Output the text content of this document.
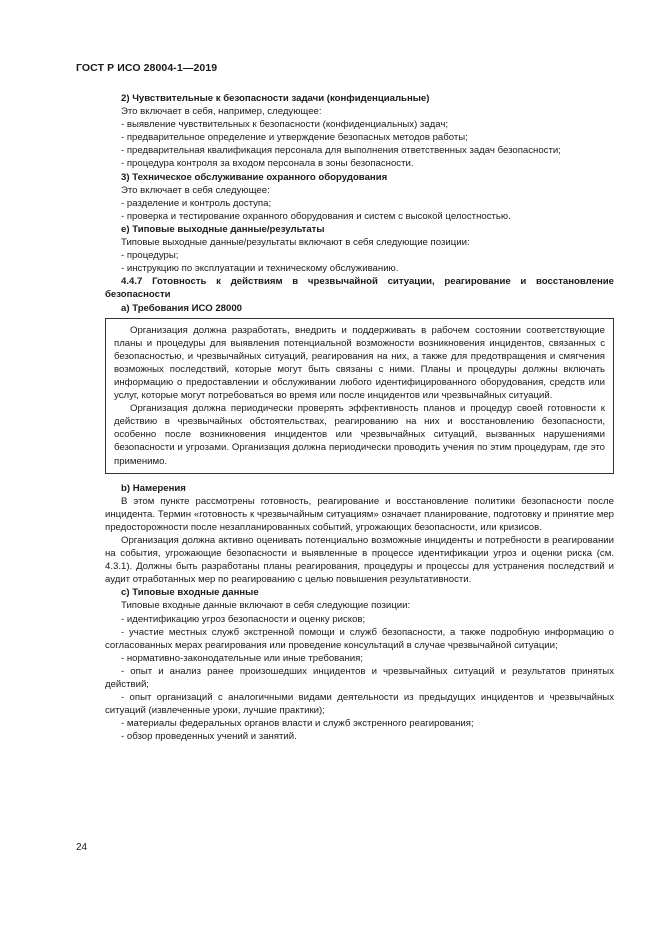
ГОСТ Р ИСО 28004-1—2019

2) Чувствительные к безопасности задачи (конфиденциальные)

Это включает в себя, например, следующее:

- выявление чувствительных к безопасности (конфиденциальных) задач;

- предварительное определение и утверждение безопасных методов работы;

- предварительная квалификация персонала для выполнения ответственных задач безопасности;

- процедура контроля за входом персонала в зоны безопасности.

3) Техническое обслуживание охранного оборудования

Это включает в себя следующее:

- разделение и контроль доступа;

- проверка и тестирование охранного оборудования и систем с высокой целостностью.

е) Типовые выходные данные/результаты

Типовые выходные данные/результаты включают в себя следующие позиции:

- процедуры;

- инструкцию по эксплуатации и техническому обслуживанию.

4.4.7 Готовность к действиям в чрезвычайной ситуации, реагирование и восстановление безопасности

а) Требования ИСО 28000

Организация должна разработать, внедрить и поддерживать в рабочем состоянии соответствующие планы и процедуры для выявления потенциальной возможности возникновения инцидентов, связанных с безопасностью, и чрезвычайных ситуаций, реагирования на них, а также для предотвращения и смягчения возможных последствий, которые могут быть связаны с ними. Планы и процедуры должны включать информацию о предоставлении и обслуживании любого идентифицированного оборудования, средств или услуг, которые могут потребоваться во время или после инцидентов или чрезвычайных ситуаций.

Организация должна периодически проверять эффективность планов и процедур своей готовности к действию в чрезвычайных обстоятельствах, реагированию на них и восстановлению безопасности, особенно после возникновения инцидентов или чрезвычайных ситуаций, вызванных нарушениями безопасности и угрозами. Организация должна периодически проводить учения по этим процедурам, где это применимо.

b) Намерения

В этом пункте рассмотрены готовность, реагирование и восстановление политики безопасности после инцидента. Термин «готовность к чрезвычайным ситуациям» означает планирование, подготовку и принятие мер предосторожности после незапланированных событий, угрожающих безопасности, или кризисов.

Организация должна активно оценивать потенциально возможные инциденты и потребности в реагировании на события, угрожающие безопасности и выявленные в процессе идентификации угроз и оценки риска (см. 4.3.1). Должны быть разработаны планы реагирования, процедуры и процессы для устранения последствий и аудит отработанных мер по реагированию с целью повышения результативности.

с) Типовые входные данные

Типовые входные данные включают в себя следующие позиции:

- идентификацию угроз безопасности и оценку рисков;

- участие местных служб экстренной помощи и служб безопасности, а также подробную информацию о согласованных мерах реагирования или проведение консультаций в случае чрезвычайной ситуации;

- нормативно-законодательные или иные требования;

- опыт и анализ ранее произошедших инцидентов и чрезвычайных ситуаций и результатов принятых действий;

- опыт организаций с аналогичными видами деятельности из предыдущих инцидентов и чрезвычайных ситуаций (извлеченные уроки, лучшие практики);

- материалы федеральных органов власти и служб экстренного реагирования;

- обзор проведенных учений и занятий.

24
